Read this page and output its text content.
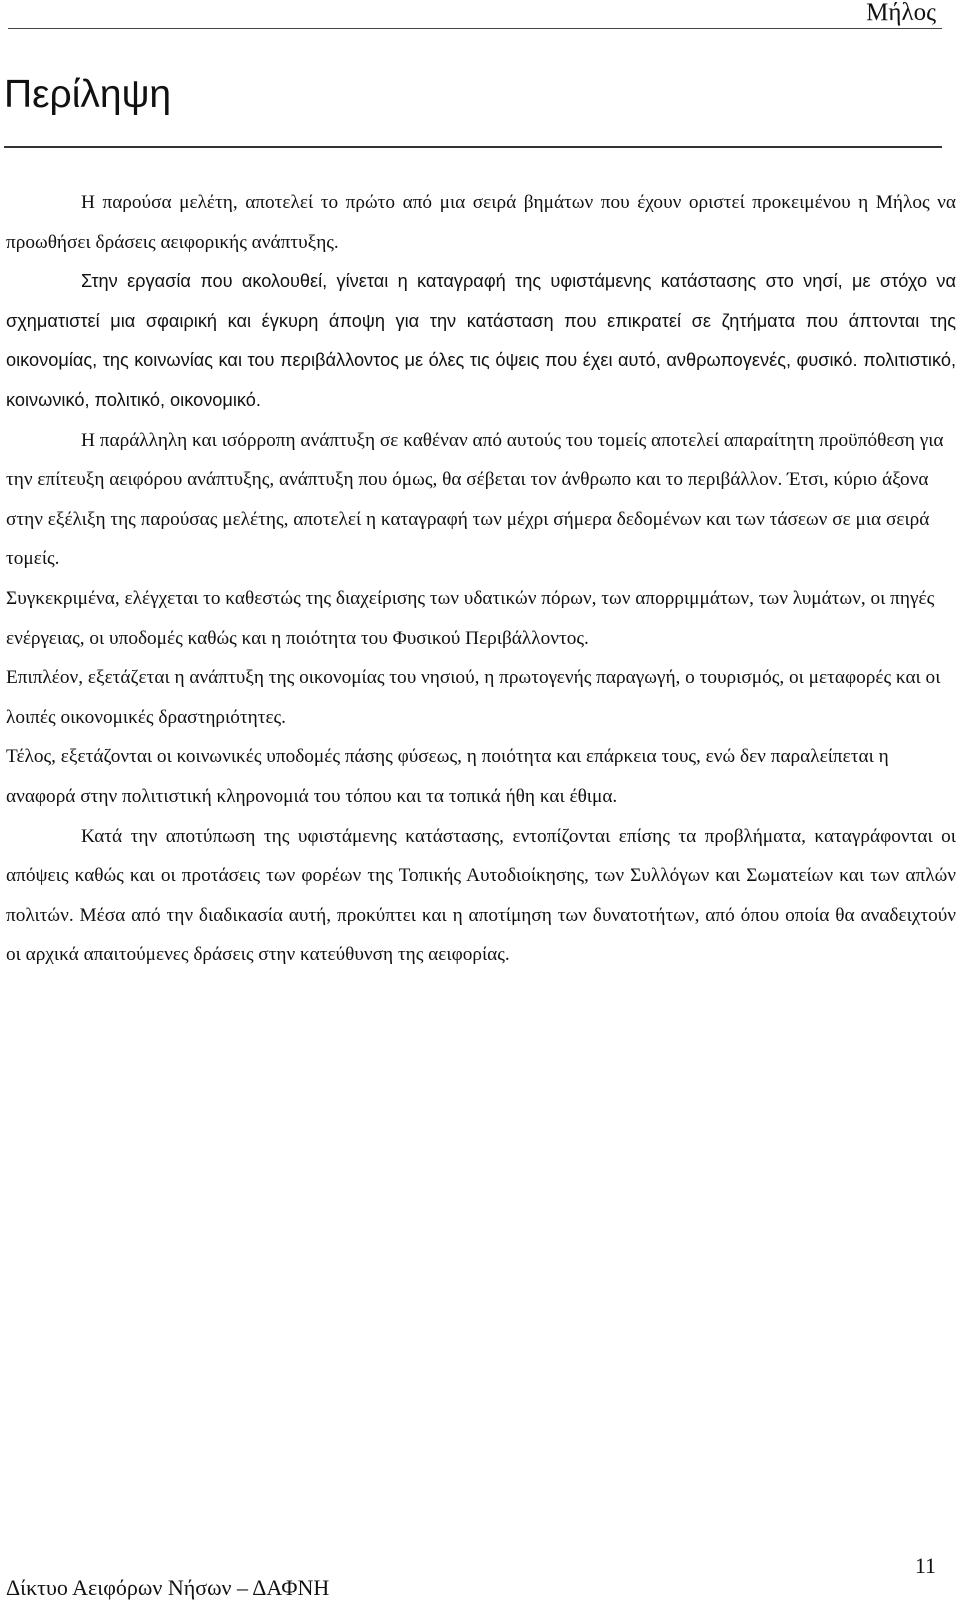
Μήλος
Περίληψη

Η παρούσα μελέτη, αποτελεί το πρώτο από μια σειρά βημάτων που έχουν οριστεί προκειμένου η Μήλος να προωθήσει δράσεις αειφορικής ανάπτυξης.

Στην εργασία που ακολουθεί, γίνεται η καταγραφή της υφιστάμενης κατάστασης στο νησί, με στόχο να σχηματιστεί μια σφαιρική και έγκυρη άποψη για την κατάσταση που επικρατεί σε ζητήματα που άπτονται της οικονομίας, της κοινωνίας και του περιβάλλοντος με όλες τις όψεις που έχει αυτό, ανθρωπογενές, φυσικό. πολιτιστικό, κοινωνικό, πολιτικό, οικονομικό.

Η παράλληλη και ισόρροπη ανάπτυξη σε καθέναν από αυτούς του τομείς αποτελεί απαραίτητη προϋπόθεση για την επίτευξη αειφόρου ανάπτυξης, ανάπτυξη που όμως, θα σέβεται τον άνθρωπο και το περιβάλλον. Έτσι, κύριο άξονα στην εξέλιξη της παρούσας μελέτης, αποτελεί η καταγραφή των μέχρι σήμερα δεδομένων και των τάσεων σε μια σειρά τομείς.

Συγκεκριμένα, ελέγχεται το καθεστώς της διαχείρισης των υδατικών πόρων, των απορριμμάτων, των λυμάτων, οι πηγές ενέργειας, οι υποδομές καθώς και η ποιότητα του Φυσικού Περιβάλλοντος.

Επιπλέον, εξετάζεται η ανάπτυξη της οικονομίας του νησιού, η πρωτογενής παραγωγή, ο τουρισμός, οι μεταφορές και οι λοιπές οικονομικές δραστηριότητες.

Τέλος, εξετάζονται οι κοινωνικές υποδομές πάσης φύσεως, η ποιότητα και επάρκεια τους, ενώ δεν παραλείπεται η αναφορά στην πολιτιστική κληρονομιά του τόπου και τα τοπικά ήθη και έθιμα.

Κατά την αποτύπωση της υφιστάμενης κατάστασης, εντοπίζονται επίσης τα προβλήματα, καταγράφονται οι απόψεις καθώς και οι προτάσεις των φορέων της Τοπικής Αυτοδιοίκησης, των Συλλόγων και Σωματείων και των απλών πολιτών. Μέσα από την διαδικασία αυτή, προκύπτει και η αποτίμηση των δυνατοτήτων, από όπου οποία θα αναδειχτούν οι αρχικά απαιτούμενες δράσεις στην κατεύθυνση της αειφορίας.

Δίκτυο Αειφόρων Νήσων – ΔΑΦΝΗ
11
